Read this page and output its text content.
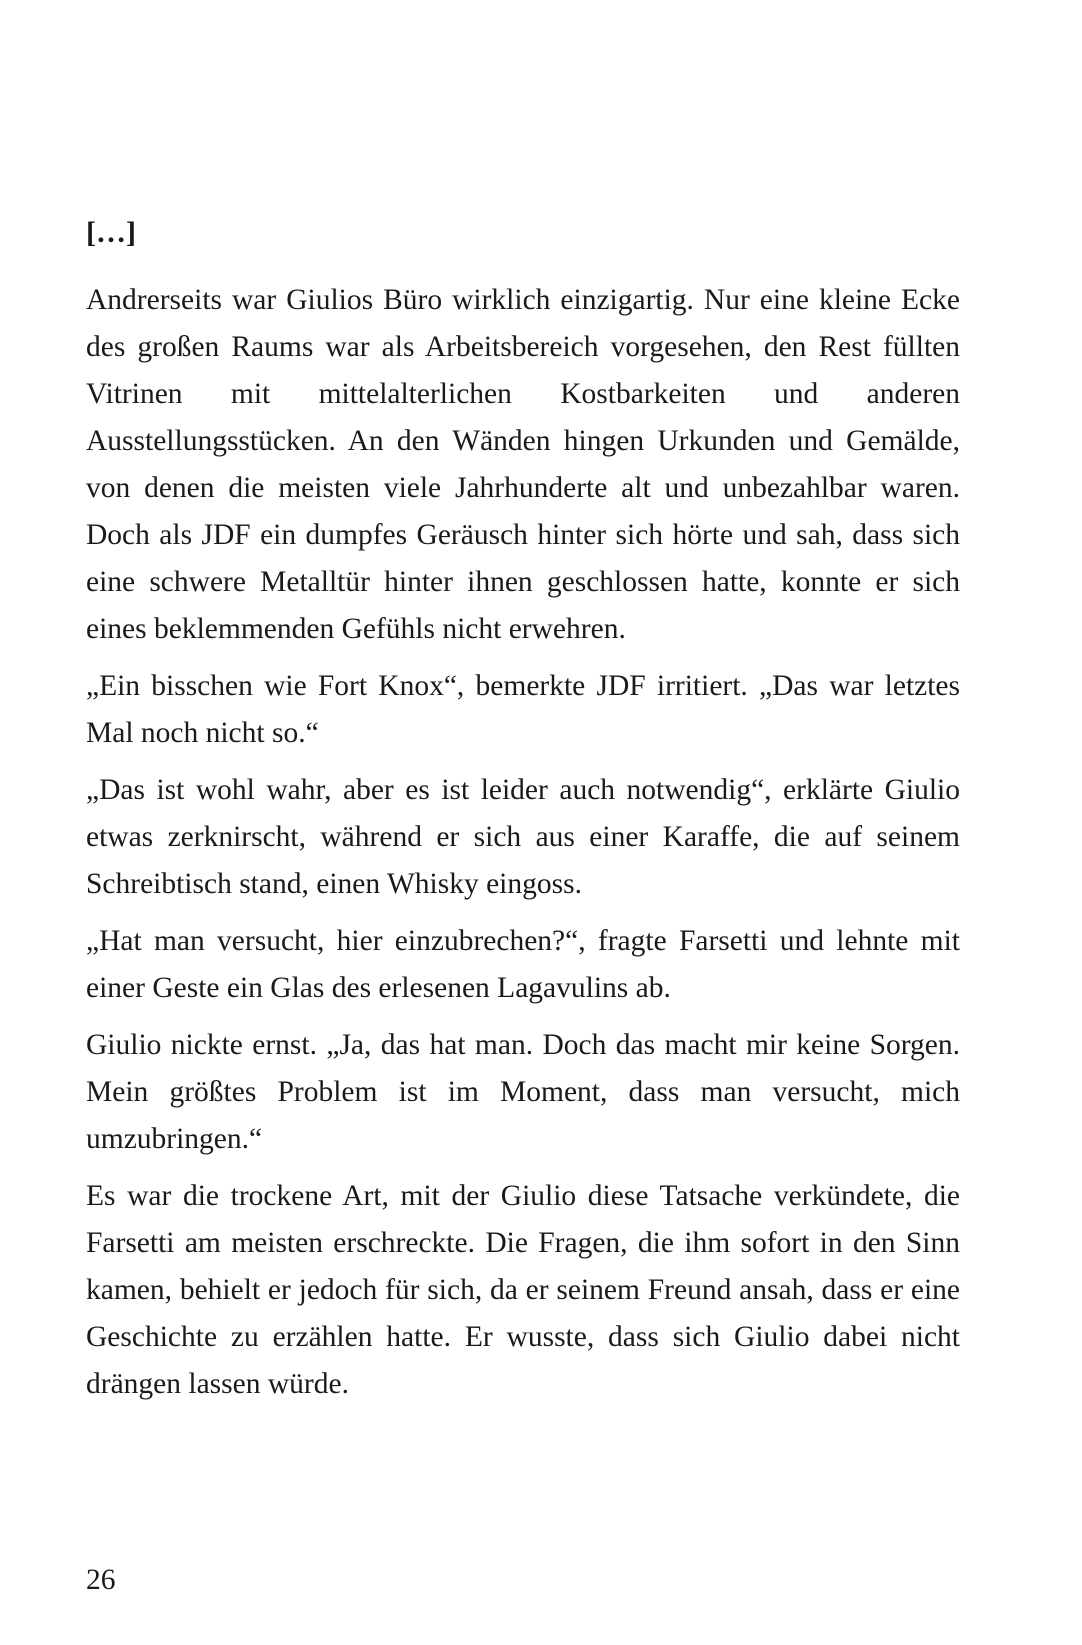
[…]

Andrerseits war Giulios Büro wirklich einzigartig. Nur eine kleine Ecke des großen Raums war als Arbeitsbereich vorgesehen, den Rest füllten Vitrinen mit mittelalterlichen Kostbarkeiten und anderen Ausstellungsstücken. An den Wänden hingen Urkunden und Gemälde, von denen die meisten viele Jahrhunderte alt und unbezahlbar waren. Doch als JDF ein dumpfes Geräusch hinter sich hörte und sah, dass sich eine schwere Metalltür hinter ihnen geschlossen hatte, konnte er sich eines beklemmenden Gefühls nicht erwehren.

„Ein bisschen wie Fort Knox“, bemerkte JDF irritiert. „Das war letztes Mal noch nicht so.“

„Das ist wohl wahr, aber es ist leider auch notwendig“, erklärte Giulio etwas zerknirscht, während er sich aus einer Karaffe, die auf seinem Schreibtisch stand, einen Whisky eingoss.

„Hat man versucht, hier einzubrechen?“, fragte Farsetti und lehnte mit einer Geste ein Glas des erlesenen Lagavulins ab.

Giulio nickte ernst. „Ja, das hat man. Doch das macht mir keine Sorgen. Mein größtes Problem ist im Moment, dass man versucht, mich umzubringen.“

Es war die trockene Art, mit der Giulio diese Tatsache verkündete, die Farsetti am meisten erschreckte. Die Fragen, die ihm sofort in den Sinn kamen, behielt er jedoch für sich, da er seinem Freund ansah, dass er eine Geschichte zu erzählen hatte. Er wusste, dass sich Giulio dabei nicht drängen lassen würde.

26
